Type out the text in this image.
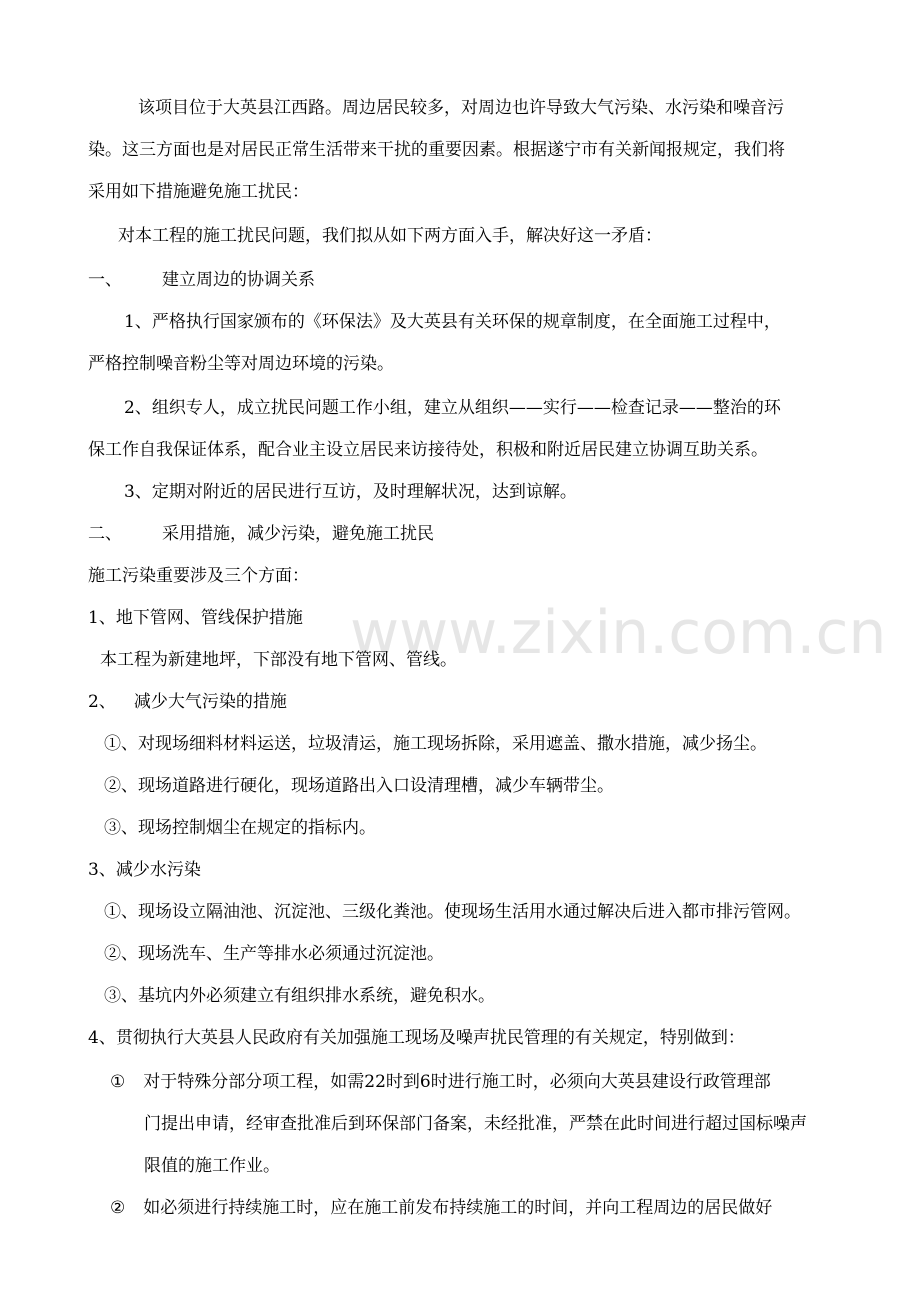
www.zixin.com.cn
该项目位于大英县江西路。周边居民较多，对周边也许导致大气污染、水污染和噪音污
染。这三方面也是对居民正常生活带来干扰的重要因素。根据遂宁市有关新闻报规定，我们将
采用如下措施避免施工扰民：
对本工程的施工扰民问题，我们拟从如下两方面入手，解决好这一矛盾：
一、 建立周边的协调关系
1、严格执行国家颁布的《环保法》及大英县有关环保的规章制度，在全面施工过程中，
严格控制噪音粉尘等对周边环境的污染。
2、组织专人，成立扰民问题工作小组，建立从组织——实行——检查记录——整治的环
保工作自我保证体系，配合业主设立居民来访接待处，积极和附近居民建立协调互助关系。
3、定期对附近的居民进行互访，及时理解状况，达到谅解。
二、 采用措施，减少污染，避免施工扰民
施工污染重要涉及三个方面：
1、地下管网、管线保护措施
本工程为新建地坪，下部没有地下管网、管线。
2、 减少大气污染的措施
①、对现场细料材料运送，垃圾清运，施工现场拆除，采用遮盖、撒水措施，减少扬尘。
②、现场道路进行硬化，现场道路出入口设清理槽，减少车辆带尘。
③、现场控制烟尘在规定的指标内。
3、减少水污染
①、现场设立隔油池、沉淀池、三级化粪池。使现场生活用水通过解决后进入都市排污管网。
②、现场洗车、生产等排水必须通过沉淀池。
③、基坑内外必须建立有组织排水系统，避免积水。
4、贯彻执行大英县人民政府有关加强施工现场及噪声扰民管理的有关规定，特别做到：
① 对于特殊分部分项工程，如需22时到6时进行施工时，必须向大英县建设行政管理部
门提出申请，经审查批准后到环保部门备案，未经批准，严禁在此时间进行超过国标噪声
限值的施工作业。
② 如必须进行持续施工时，应在施工前发布持续施工的时间，并向工程周边的居民做好
